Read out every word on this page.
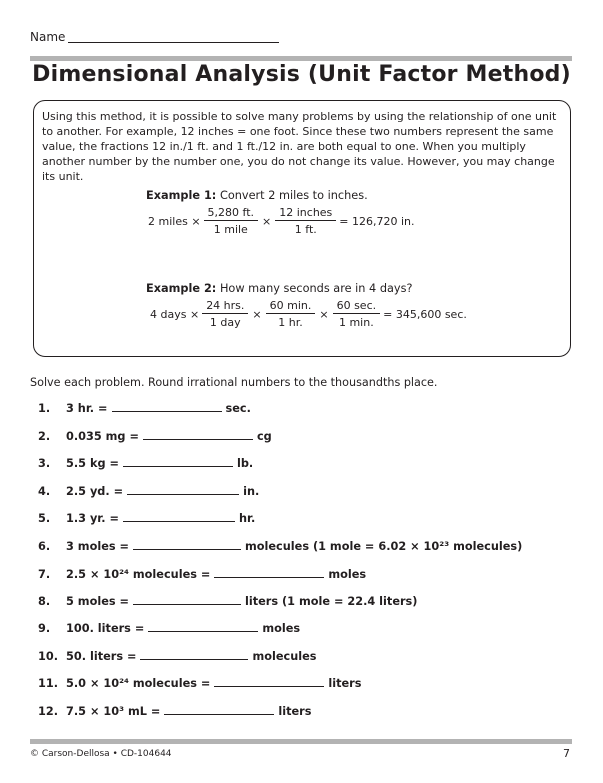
Name
Dimensional Analysis (Unit Factor Method)
Using this method, it is possible to solve many problems by using the relationship of one unit to another. For example, 12 inches = one foot. Since these two numbers represent the same value, the fractions 12 in./1 ft. and 1 ft./12 in. are both equal to one. When you multiply another number by the number one, you do not change its value. However, you may change its unit.
Example 1: Convert 2 miles to inches.
2 miles × $\frac{5,280 ft.}{\text{1 mile}} \times \frac{\text{12 inches}}{1 ft.} = 126,720$ in.
Example 2: How many seconds are in 4 days?
4 days × $\frac{\text{24 hrs.}}{\text{1 day}} \times \frac{60 \min.}{1 hr.} \times \frac{60 \sec.}{1 \min.} = 345,600$ sec.
Solve each problem. Round irrational numbers to the thousandths place.
1. 3 hr. =	sec.
2. 0.035 mg =	cg
3. 5.5 kg =	lb.
4. 2.5 yd. =	in.
5. 1.3 yr. =	hr.
6. 3 moles =	molecules (1 mole = 6.02 × 10²³ molecules)
7. 2.5 × 10²⁴ molecules =	moles
8. 5 moles =	liters (1 mole = 22.4 liters)
9. 100. liters =	moles
10. 50. liters =	molecules
11. 5.0 × 10²⁴ molecules =	liters
12. 7.5 × 10³ mL =	liters
© Carson-Dellosa • CD-104644	7
